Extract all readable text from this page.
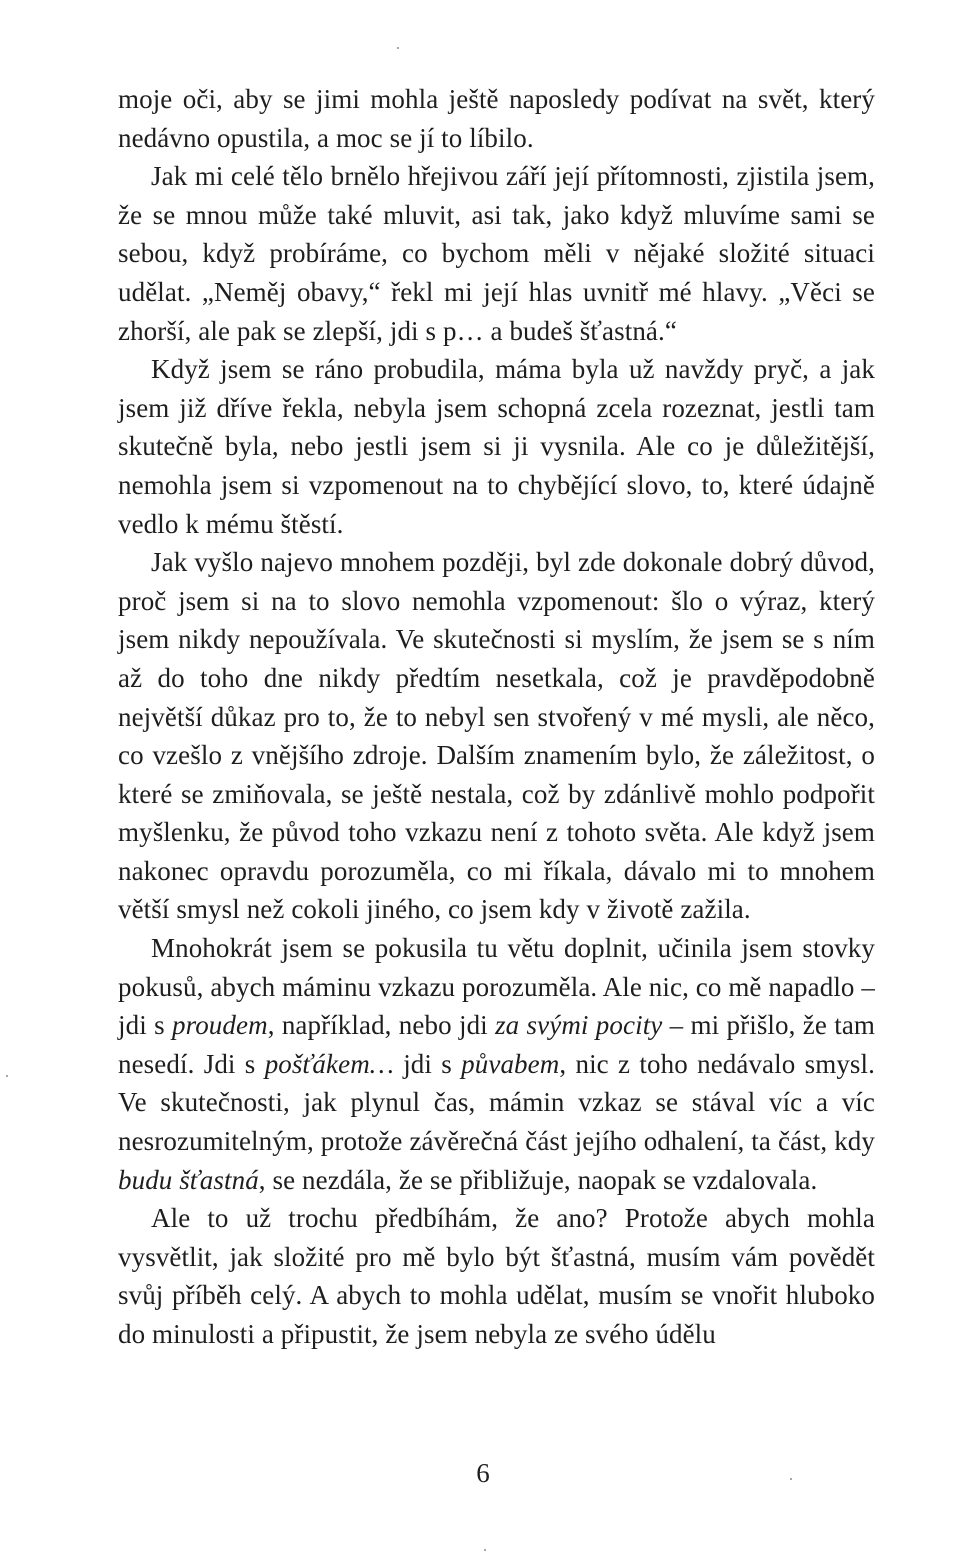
moje oči, aby se jimi mohla ještě naposledy podívat na svět, který nedávno opustila, a moc se jí to líbilo.

Jak mi celé tělo brnělo hřejivou září její přítomnosti, zjistila jsem, že se mnou může také mluvit, asi tak, jako když mluvíme sami se sebou, když probíráme, co bychom měli v nějaké složité situaci udělat. „Neměj obavy,“ řekl mi její hlas uvnitř mé hlavy. „Věci se zhorší, ale pak se zlepší, jdi s p… a budeš šťastná.“

Když jsem se ráno probudila, máma byla už navždy pryč, a jak jsem již dříve řekla, nebyla jsem schopná zcela rozeznat, jestli tam skutečně byla, nebo jestli jsem si ji vysnila. Ale co je důležitější, nemohla jsem si vzpomenout na to chybějící slovo, to, které údajně vedlo k mému štěstí.

Jak vyšlo najevo mnohem později, byl zde dokonale dobrý důvod, proč jsem si na to slovo nemohla vzpomenout: šlo o výraz, který jsem nikdy nepoužívala. Ve skutečnosti si myslím, že jsem se s ním až do toho dne nikdy předtím nesetkala, což je pravděpodobně největší důkaz pro to, že to nebyl sen stvořený v mé mysli, ale něco, co vzešlo z vnějšího zdroje. Dalším znamením bylo, že záležitost, o které se zmiňovala, se ještě nestala, což by zdánlivě mohlo podpořit myšlenku, že původ toho vzkazu není z tohoto světa. Ale když jsem nakonec opravdu porozuměla, co mi říkala, dávalo mi to mnohem větší smysl než cokoli jiného, co jsem kdy v životě zažila.

Mnohokrát jsem se pokusila tu větu doplnit, učinila jsem stovky pokusů, abych máminu vzkazu porozuměla. Ale nic, co mě napadlo – jdi s proudem, například, nebo jdi za svými pocity – mi přišlo, že tam nesedí. Jdi s pošťákem… jdi s půvabem, nic z toho nedávalo smysl. Ve skutečnosti, jak plynul čas, mámin vzkaz se stával víc a víc nesrozumitelným, protože závěrečná část jejího odhalení, ta část, kdy budu šťastná, se nezdála, že se přibližuje, naopak se vzdalovala.

Ale to už trochu předbíhám, že ano? Protože abych mohla vysvětlit, jak složité pro mě bylo být šťastná, musím vám povědět svůj příběh celý. A abych to mohla udělat, musím se vnořit hluboko do minulosti a připustit, že jsem nebyla ze svého údělu

6
